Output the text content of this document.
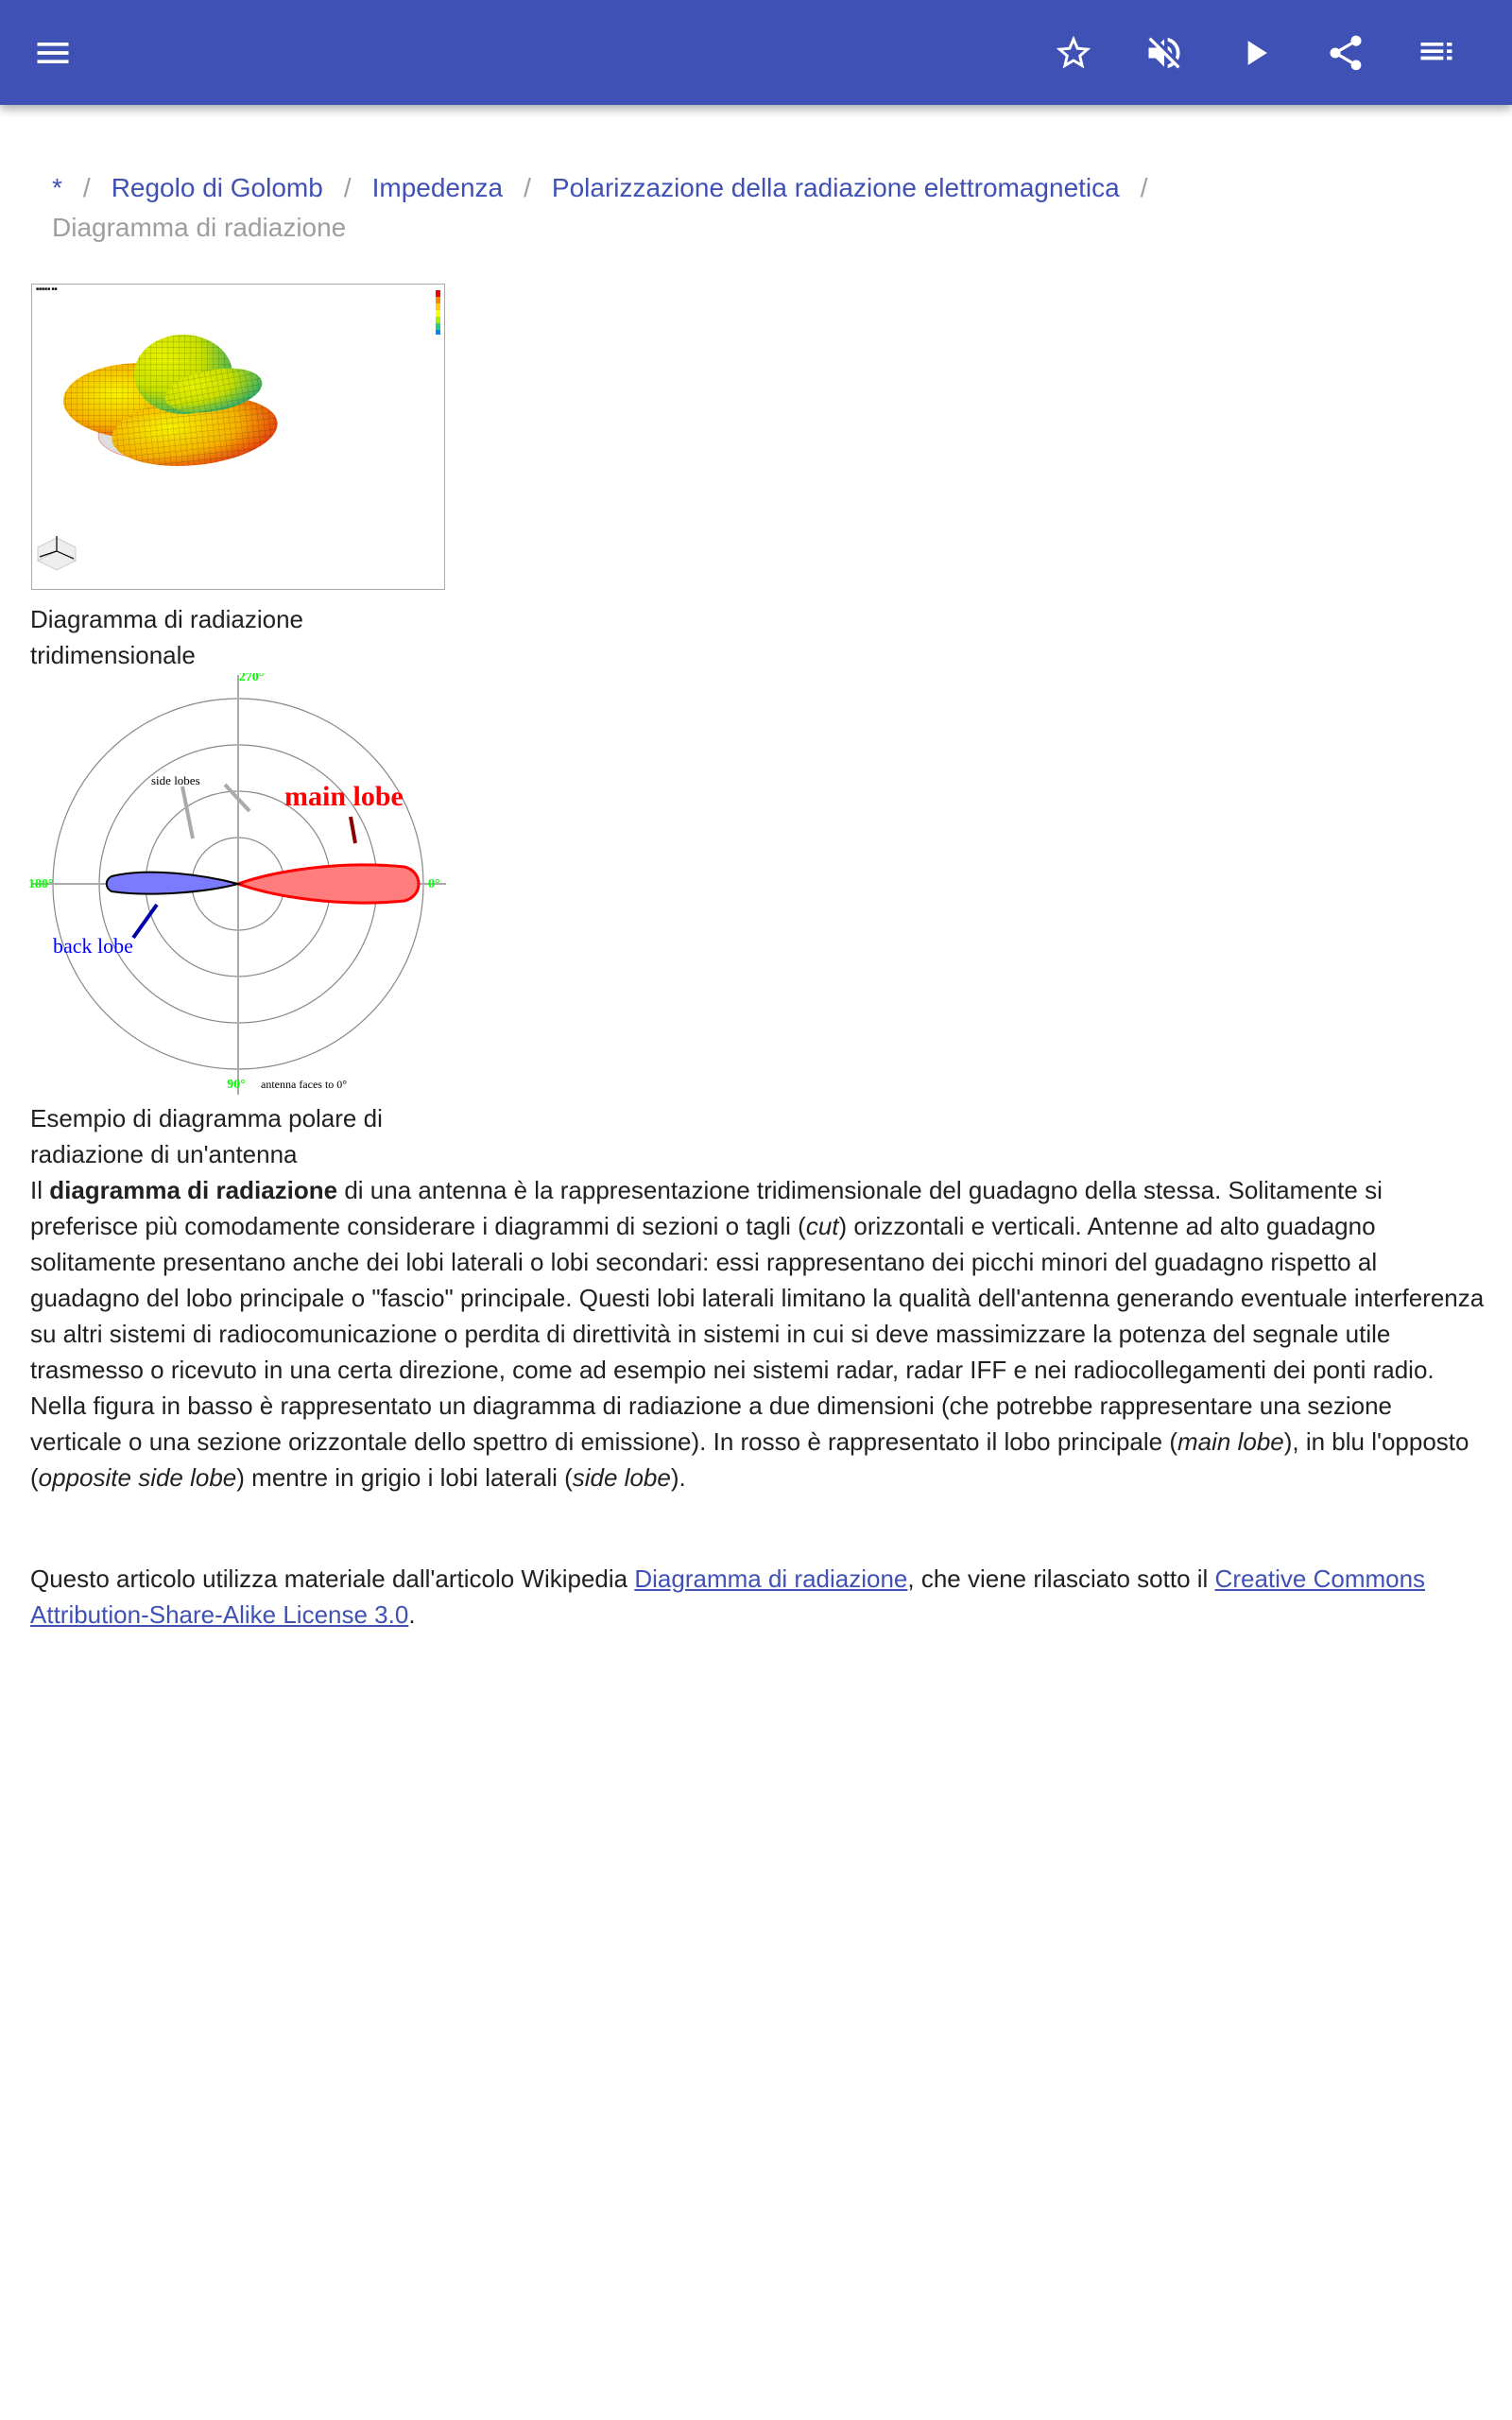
* / Regolo di Golomb / Impedenza / Polarizzazione della radiazione elettromagnetica /
Diagramma di radiazione
■■■■■ ■■
Diagramma di radiazione tridimensionale
270°
180°	0°
90°
side lobes
main lobe
back lobe
antenna faces to 0°
Esempio di diagramma polare di radiazione di un'antenna

Il diagramma di radiazione di una antenna è la rappresentazione tridimensionale del guadagno della stessa. Solitamente si preferisce più comodamente considerare i diagrammi di sezioni o tagli (cut) orizzontali e verticali. Antenne ad alto guadagno solitamente presentano anche dei lobi laterali o lobi secondari: essi rappresentano dei picchi minori del guadagno rispetto al guadagno del lobo principale o "fascio" principale. Questi lobi laterali limitano la qualità dell'antenna generando eventuale interferenza su altri sistemi di radiocomunicazione o perdita di direttività in sistemi in cui si deve massimizzare la potenza del segnale utile trasmesso o ricevuto in una certa direzione, come ad esempio nei sistemi radar, radar IFF e nei radiocollegamenti dei ponti radio. Nella figura in basso è rappresentato un diagramma di radiazione a due dimensioni (che potrebbe rappresentare una sezione verticale o una sezione orizzontale dello spettro di emissione). In rosso è rappresentato il lobo principale (main lobe), in blu l'opposto (opposite side lobe) mentre in grigio i lobi laterali (side lobe).

Questo articolo utilizza materiale dall'articolo Wikipedia Diagramma di radiazione, che viene rilasciato sotto il Creative Commons Attribution-Share-Alike License 3.0.
